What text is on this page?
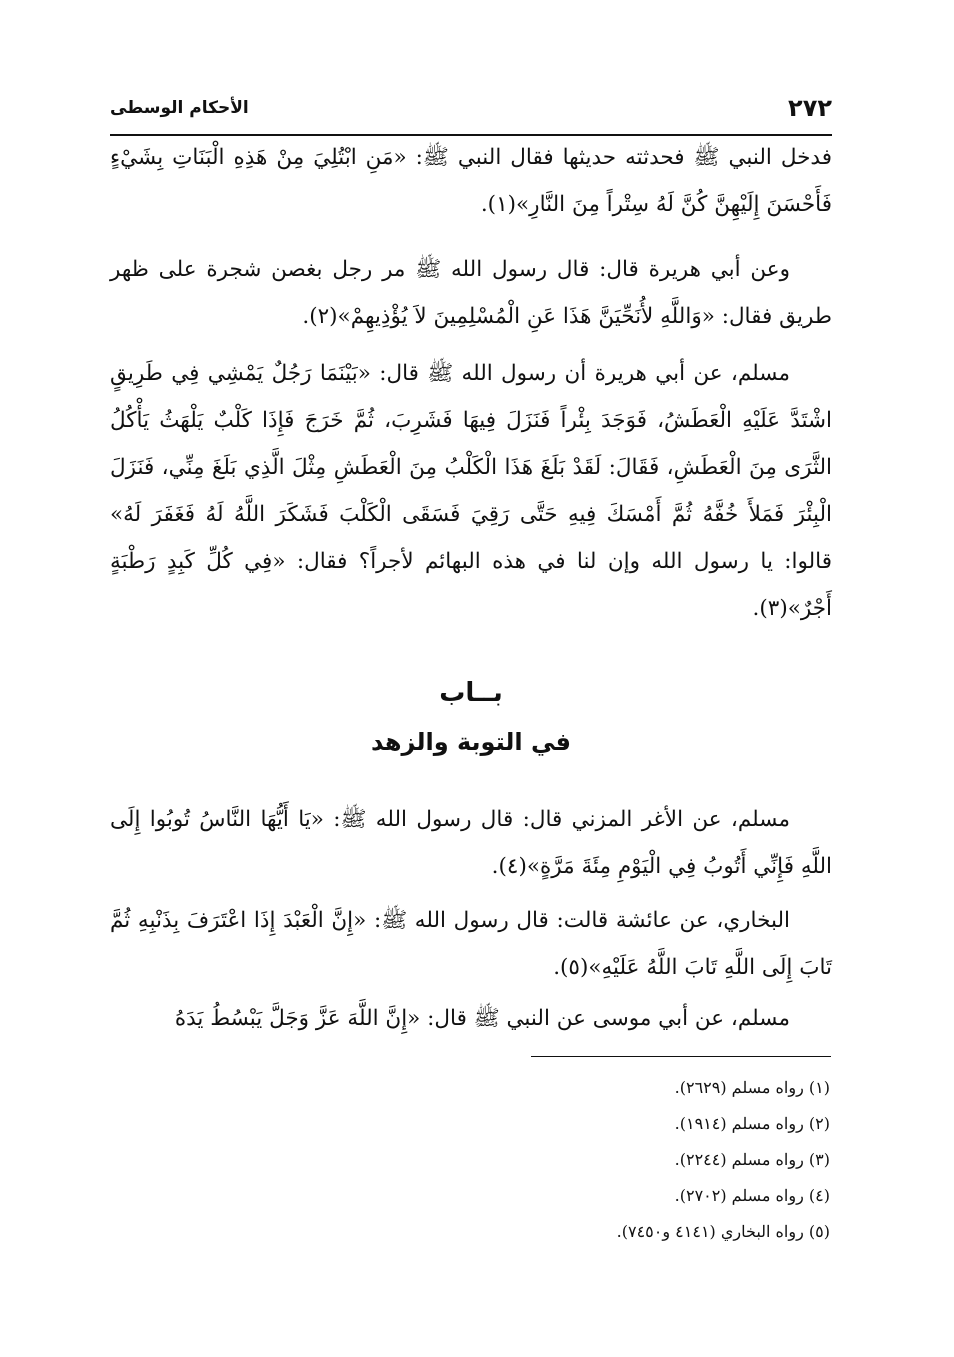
٢٧٢
الأحكام الوسطى

فدخل النبي ﷺ فحدثته حديثها فقال النبي ﷺ: «مَنِ ابْتُلِيَ مِنْ هَذِهِ الْبَنَاتِ بِشَيْءٍ فَأَحْسَنَ إِلَيْهِنَّ كُنَّ لَهُ سِتْراً مِنَ النَّارِ»(١).

وعن أبي هريرة قال: قال رسول الله ﷺ مر رجل بغصن شجرة على ظهر طريق فقال: «وَاللَّهِ لأُنَحِّيَنَّ هَذَا عَنِ الْمُسْلِمِينَ لاَ يُؤْذِيهِمْ»(٢).

مسلم، عن أبي هريرة أن رسول الله ﷺ قال: «بَيْنَمَا رَجُلٌ يَمْشِي فِي طَرِيقٍ اشْتَدَّ عَلَيْهِ الْعَطَشُ، فَوَجَدَ بِئْراً فَنَزَلَ فِيهَا فَشَرِبَ، ثُمَّ خَرَجَ فَإِذَا كَلْبٌ يَلْهَثُ يَأْكُلُ الثَّرَى مِنَ الْعَطَشِ، فَقَالَ: لَقَدْ بَلَغَ هَذَا الْكَلْبُ مِنَ الْعَطَشِ مِثْلَ الَّذِي بَلَغَ مِنِّي، فَنَزَلَ الْبِئْرَ فَمَلأَ خُفَّهُ ثُمَّ أَمْسَكَ فِيهِ حَتَّى رَقِيَ فَسَقَى الْكَلْبَ فَشَكَرَ اللَّهُ لَهُ فَغَفَرَ لَهُ» قالوا: يا رسول الله وإن لنا في هذه البهائم لأجراً؟ فقال: «فِي كُلِّ كَبِدٍ رَطْبَةٍ أَجْرٌ»(٣).

بــاب
في التوبة والزهد

مسلم، عن الأغر المزني قال: قال رسول الله ﷺ: «يَا أَيُّهَا النَّاسُ تُوبُوا إِلَى اللَّهِ فَإِنِّي أَتُوبُ فِي الْيَوْمِ مِئَةَ مَرَّةٍ»(٤).

البخاري، عن عائشة قالت: قال رسول الله ﷺ: «إِنَّ الْعَبْدَ إِذَا اعْتَرَفَ بِذَنْبِهِ ثُمَّ تَابَ إِلَى اللَّهِ تَابَ اللَّهُ عَلَيْهِ»(٥).

مسلم، عن أبي موسى عن النبي ﷺ قال: «إِنَّ اللَّهَ عَزَّ وَجَلَّ يَبْسُطُ يَدَهُ

(١) رواه مسلم (٢٦٢٩).
(٢) رواه مسلم (١٩١٤).
(٣) رواه مسلم (٢٢٤٤).
(٤) رواه مسلم (٢٧٠٢).
(٥) رواه البخاري (٤١٤١ و٧٤٥٠).
